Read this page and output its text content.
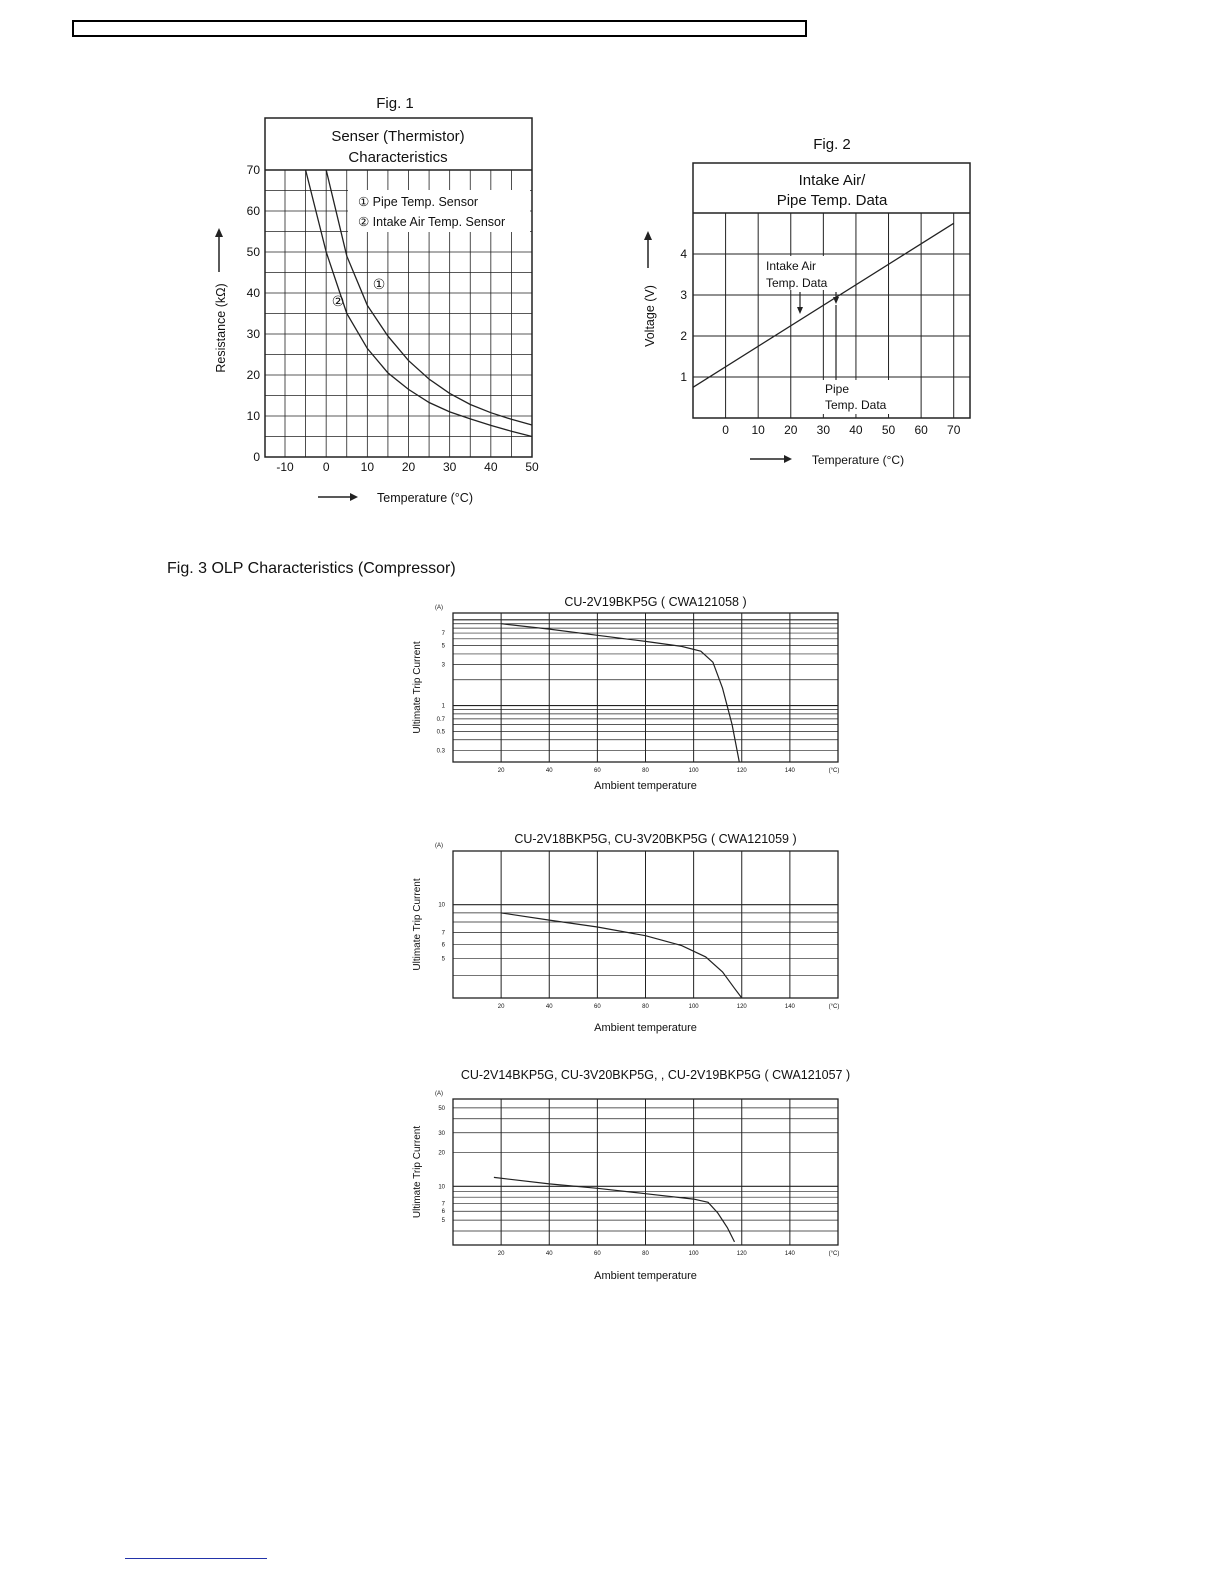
Fig. 1
Senser (Thermistor)
Characteristics
① Pipe Temp. Sensor
② Intake Air Temp. Sensor
-10 0	10 20 30 40 50
0
10
20
30
40
50
60
70
Temperature (°C)
Resistance (kΩ)	①
②
Fig. 2
Intake Air/
Pipe Temp. Data
0 10 20 30 40 50 60 70
1
2
3
4
Intake Air
Temp. Data
Pipe
Temp. Data
Temperature (°C)
Voltage (V)
CU-2V19BKP5G ( CWA121058 )
20	40	60	80	100	120	140	(°C)
0.3
0.5
0.7
1
3
5
7
(A)
Ambient temperature
Ultimate Trip Current
CU-2V18BKP5G, CU-3V20BKP5G ( CWA121059 )
20	40	60	80	100	120	140	(°C)
5
6
7
10
(A)
Ambient temperature
Ultimate Trip Current
CU-2V14BKP5G, CU-3V20BKP5G, , CU-2V19BKP5G ( CWA121057 )
20	40	60	80	100	120	140	(°C)
5
6
7
10
20
30
50
(A)
Ambient temperature
Ultimate Trip Current
Fig. 3 OLP Characteristics (Compressor)
